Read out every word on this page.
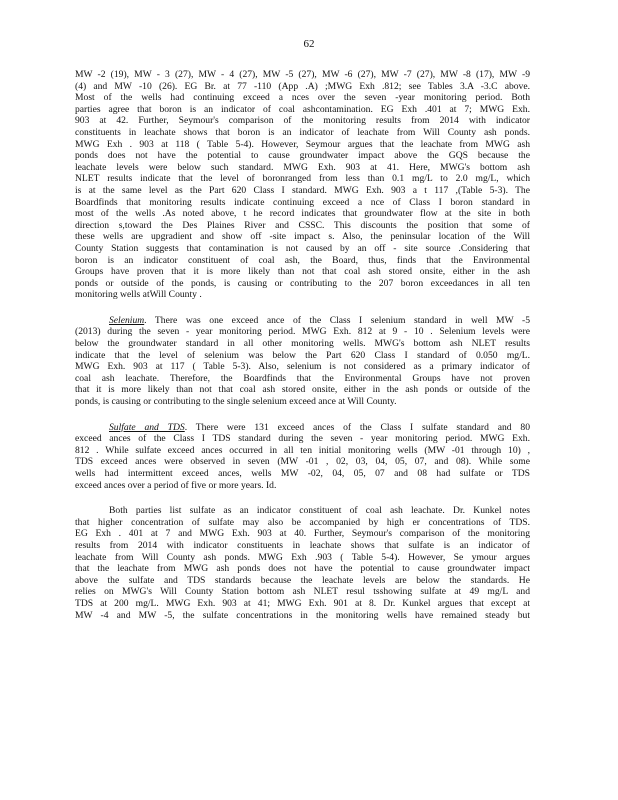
62

MW -2 (19), MW - 3 (27), MW - 4 (27), MW -5 (27), MW -6 (27), MW -7 (27), MW -8 (17), MW -9
(4) and MW -10 (26). EG Br. at 77 -110 (App .A) ;MWG Exh .812; see Tables 3.A -3.C above.
Most of the wells had continuing exceed a nces over the seven -year monitoring period. Both
parties agree that boron is an indicator of coal ashcontamination. EG Exh .401 at 7; MWG Exh.
903 at 42. Further, Seymour's comparison of the monitoring results from 2014 with indicator
constituents in leachate shows that boron is an indicator of leachate from Will County ash ponds.
MWG Exh . 903 at 118 ( Table 5-4). However, Seymour argues that the leachate from MWG ash
ponds does not have the potential to cause groundwater impact above the GQS because the
leachate levels were below such standard. MWG Exh. 903 at 41. Here, MWG's bottom ash
NLET results indicate that the level of boronranged from less than 0.1 mg/L to 2.0 mg/L, which
is at the same level as the Part 620 Class I standard. MWG Exh. 903 a t 117 ,(Table 5-3). The
Boardfinds that monitoring results indicate continuing exceed a nce of Class I boron standard in
most of the wells .As noted above, t he record indicates that groundwater flow at the site in both
direction s,toward the Des Plaines River and CSSC. This discounts the position that some of
these wells are upgradient and show off -site impact s. Also, the peninsular location of the Will
County Station suggests that contamination is not caused by an off - site source .Considering that
boron is an indicator constituent of coal ash, the Board, thus, finds that the Environmental
Groups have proven that it is more likely than not that coal ash stored onsite, either in the ash
ponds or outside of the ponds, is causing or contributing to the 207 boron exceedances in all ten
monitoring wells atWill County .

Selenium. There was one exceed ance of the Class I selenium standard in well MW -5
(2013) during the seven - year monitoring period. MWG Exh. 812 at 9 - 10 . Selenium levels were
below the groundwater standard in all other monitoring wells. MWG's bottom ash NLET results
indicate that the level of selenium was below the Part 620 Class I standard of 0.050 mg/L.
MWG Exh. 903 at 117 ( Table 5-3). Also, selenium is not considered as a primary indicator of
coal ash leachate. Therefore, the Boardfinds that the Environmental Groups have not proven
that it is more likely than not that coal ash stored onsite, either in the ash ponds or outside of the
ponds, is causing or contributing to the single selenium exceed ance at Will County.

Sulfate and TDS. There were 131 exceed ances of the Class I sulfate standard and 80
exceed ances of the Class I TDS standard during the seven - year monitoring period. MWG Exh.
812 . While sulfate exceed ances occurred in all ten initial monitoring wells (MW -01 through 10) ,
TDS exceed ances were observed in seven (MW -01 , 02, 03, 04, 05, 07, and 08). While some
wells had intermittent exceed ances, wells MW -02, 04, 05, 07 and 08 had sulfate or TDS
exceed ances over a period of five or more years. Id.

Both parties list sulfate as an indicator constituent of coal ash leachate. Dr. Kunkel notes
that higher concentration of sulfate may also be accompanied by high er concentrations of TDS.
EG Exh . 401 at 7 and MWG Exh. 903 at 40. Further, Seymour's comparison of the monitoring
results from 2014 with indicator constituents in leachate shows that sulfate is an indicator of
leachate from Will County ash ponds. MWG Exh .903 ( Table 5-4). However, Se ymour argues
that the leachate from MWG ash ponds does not have the potential to cause groundwater impact
above the sulfate and TDS standards because the leachate levels are below the standards. He
relies on MWG's Will County Station bottom ash NLET resul tsshowing sulfate at 49 mg/L and
TDS at 200 mg/L. MWG Exh. 903 at 41; MWG Exh. 901 at 8. Dr. Kunkel argues that except at
MW -4 and MW -5, the sulfate concentrations in the monitoring wells have remained steady but
